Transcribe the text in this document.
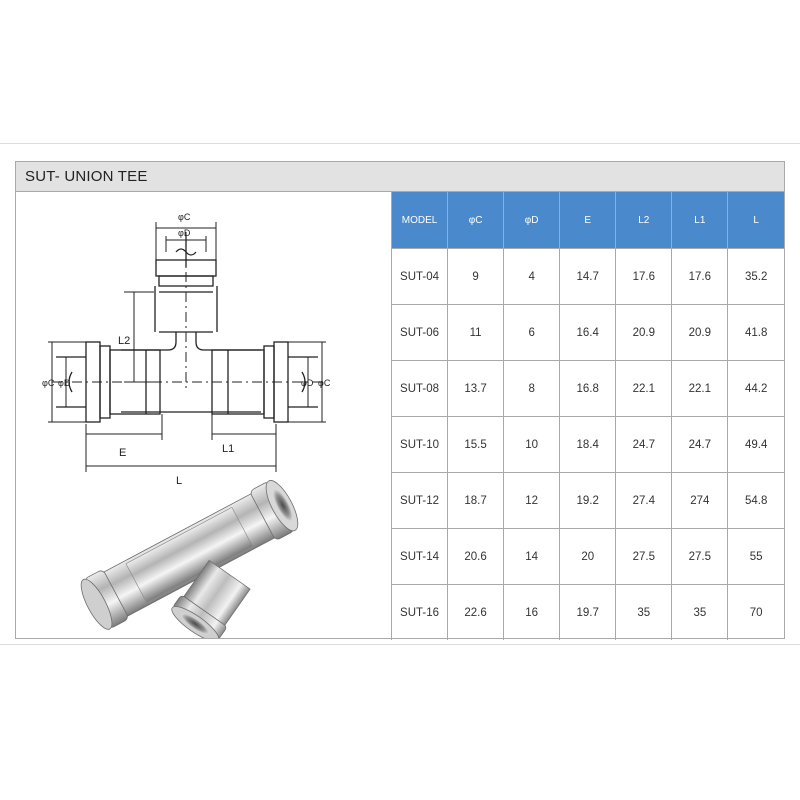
SUT- UNION TEE
φC
φD
L2
φC φD	φD φC
E	L1
L
MODEL	φC	φD	E	L2	L1	L
SUT-04	9	4	14.7	17.6	17.6	35.2
SUT-06	11	6	16.4	20.9	20.9	41.8
SUT-08	13.7	8	16.8	22.1	22.1	44.2
SUT-10	15.5	10	18.4	24.7	24.7	49.4
SUT-12	18.7	12	19.2	27.4	274	54.8
SUT-14	20.6	14	20	27.5	27.5	55
SUT-16	22.6	16	19.7	35	35	70
